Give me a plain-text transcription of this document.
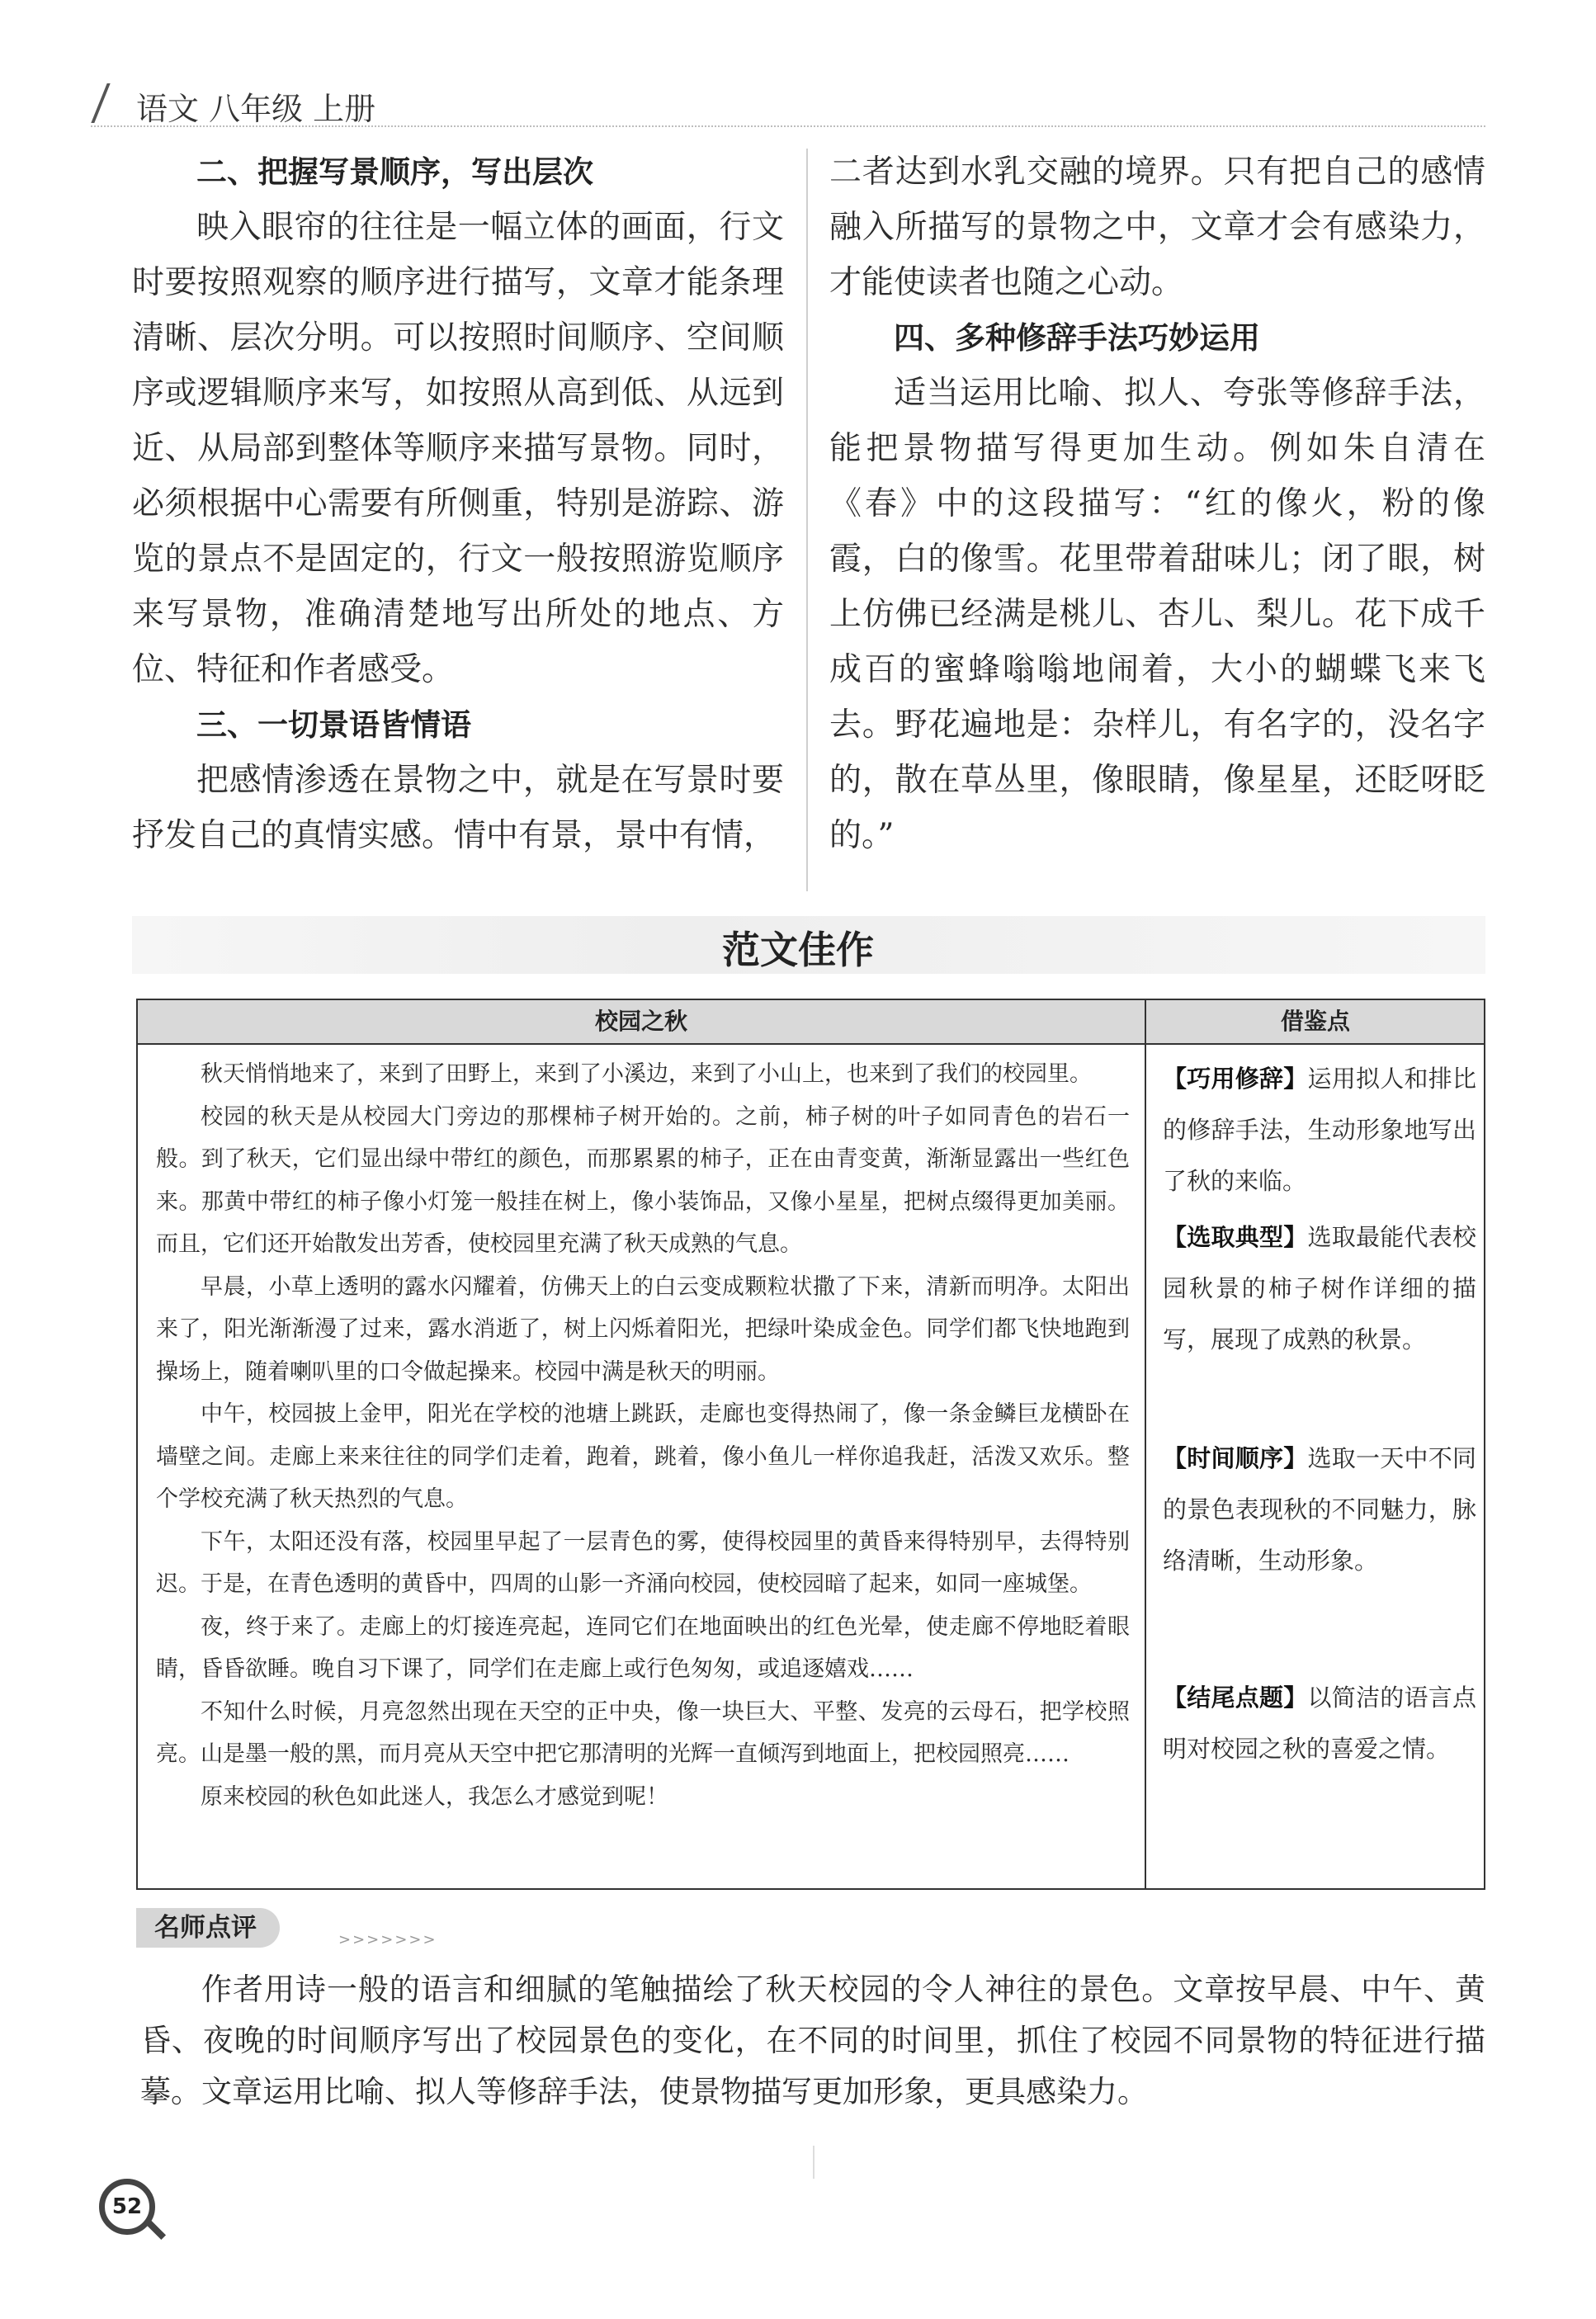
语文 八年级 上册
二、把握写景顺序，写出层次

映入眼帘的往往是一幅立体的画面，行文时要按照观察的顺序进行描写，文章才能条理清晰、层次分明。可以按照时间顺序、空间顺序或逻辑顺序来写，如按照从高到低、从远到近、从局部到整体等顺序来描写景物。同时，必须根据中心需要有所侧重，特别是游踪、游览的景点不是固定的，行文一般按照游览顺序来写景物，准确清楚地写出所处的地点、方位、特征和作者感受。

三、一切景语皆情语

把感情渗透在景物之中，就是在写景时要抒发自己的真情实感。情中有景，景中有情，

二者达到水乳交融的境界。只有把自己的感情融入所描写的景物之中，文章才会有感染力，才能使读者也随之心动。

四、多种修辞手法巧妙运用

适当运用比喻、拟人、夸张等修辞手法，能把景物描写得更加生动。例如朱自清在《春》中的这段描写：“红的像火，粉的像霞，白的像雪。花里带着甜味儿；闭了眼，树上仿佛已经满是桃儿、杏儿、梨儿。花下成千成百的蜜蜂嗡嗡地闹着，大小的蝴蝶飞来飞去。野花遍地是：杂样儿，有名字的，没名字的，散在草丛里，像眼睛，像星星，还眨呀眨的。”

范文佳作
校园之秋	借鉴点

秋天悄悄地来了，来到了田野上，来到了小溪边，来到了小山上，也来到了我们的校园里。

校园的秋天是从校园大门旁边的那棵柿子树开始的。之前，柿子树的叶子如同青色的岩石一般。到了秋天，它们显出绿中带红的颜色，而那累累的柿子，正在由青变黄，渐渐显露出一些红色来。那黄中带红的柿子像小灯笼一般挂在树上，像小装饰品，又像小星星，把树点缀得更加美丽。而且，它们还开始散发出芳香，使校园里充满了秋天成熟的气息。

早晨，小草上透明的露水闪耀着，仿佛天上的白云变成颗粒状撒了下来，清新而明净。太阳出来了，阳光渐渐漫了过来，露水消逝了，树上闪烁着阳光，把绿叶染成金色。同学们都飞快地跑到操场上，随着喇叭里的口令做起操来。校园中满是秋天的明丽。

中午，校园披上金甲，阳光在学校的池塘上跳跃，走廊也变得热闹了，像一条金鳞巨龙横卧在墙壁之间。走廊上来来往往的同学们走着，跑着，跳着，像小鱼儿一样你追我赶，活泼又欢乐。整个学校充满了秋天热烈的气息。

下午，太阳还没有落，校园里早起了一层青色的雾，使得校园里的黄昏来得特别早，去得特别迟。于是，在青色透明的黄昏中，四周的山影一齐涌向校园，使校园暗了起来，如同一座城堡。

夜，终于来了。走廊上的灯接连亮起，连同它们在地面映出的红色光晕，使走廊不停地眨着眼睛，昏昏欲睡。晚自习下课了，同学们在走廊上或行色匆匆，或追逐嬉戏……

不知什么时候，月亮忽然出现在天空的正中央，像一块巨大、平整、发亮的云母石，把学校照亮。山是墨一般的黑，而月亮从天空中把它那清明的光辉一直倾泻到地面上，把校园照亮……

原来校园的秋色如此迷人，我怎么才感觉到呢！

【巧用修辞】运用拟人和排比的修辞手法，生动形象地写出了秋的来临。
【选取典型】选取最能代表校园秋景的柿子树作详细的描写，展现了成熟的秋景。
【时间顺序】选取一天中不同的景色表现秋的不同魅力，脉络清晰，生动形象。
【结尾点题】以简洁的语言点明对校园之秋的喜爱之情。
名师点评	>>>>>>>

作者用诗一般的语言和细腻的笔触描绘了秋天校园的令人神往的景色。文章按早晨、中午、黄昏、夜晚的时间顺序写出了校园景色的变化，在不同的时间里，抓住了校园不同景物的特征进行描摹。文章运用比喻、拟人等修辞手法，使景物描写更加形象，更具感染力。

52
